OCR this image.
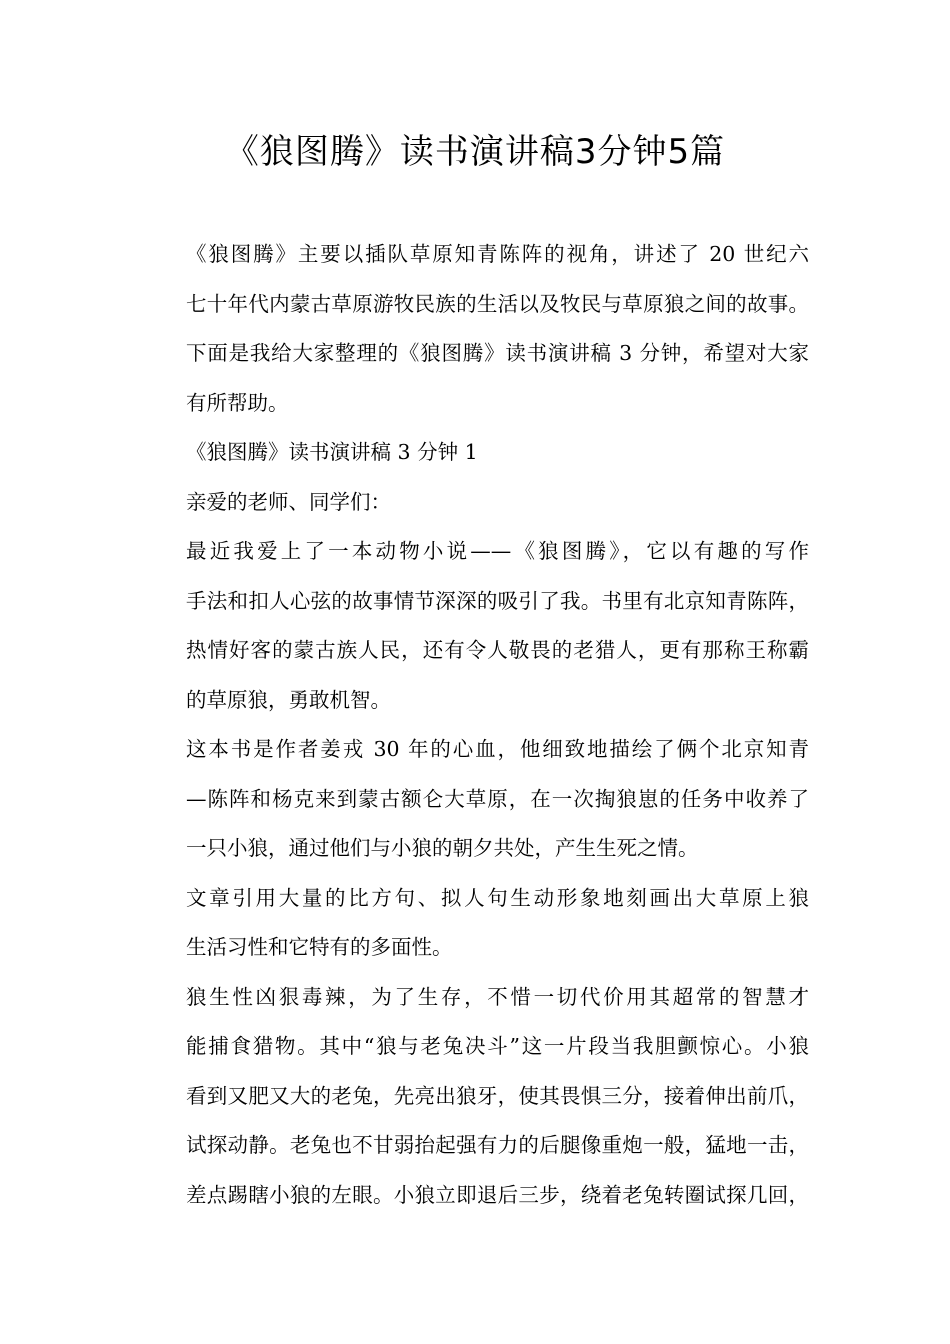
《狼图腾》读书演讲稿3分钟5篇

《狼图腾》主要以插队草原知青陈阵的视角，讲述了 20 世纪六
七十年代内蒙古草原游牧民族的生活以及牧民与草原狼之间的故事。
下面是我给大家整理的《狼图腾》读书演讲稿 3 分钟，希望对大家
有所帮助。

《狼图腾》读书演讲稿 3 分钟 1

亲爱的老师、同学们：

最近我爱上了一本动物小说——《狼图腾》，它以有趣的写作
手法和扣人心弦的故事情节深深的吸引了我。书里有北京知青陈阵，
热情好客的蒙古族人民，还有令人敬畏的老猎人，更有那称王称霸
的草原狼，勇敢机智。

这本书是作者姜戎 30 年的心血，他细致地描绘了俩个北京知青
—陈阵和杨克来到蒙古额仑大草原，在一次掏狼崽的任务中收养了
一只小狼，通过他们与小狼的朝夕共处，产生生死之情。

文章引用大量的比方句、拟人句生动形象地刻画出大草原上狼
生活习性和它特有的多面性。

狼生性凶狠毒辣，为了生存，不惜一切代价用其超常的智慧才
能捕食猎物。其中“狼与老兔决斗”这一片段当我胆颤惊心。小狼
看到又肥又大的老兔，先亮出狼牙，使其畏惧三分，接着伸出前爪，
试探动静。老兔也不甘弱抬起强有力的后腿像重炮一般，猛地一击，
差点踢瞎小狼的左眼。小狼立即退后三步，绕着老兔转圈试探几回，
